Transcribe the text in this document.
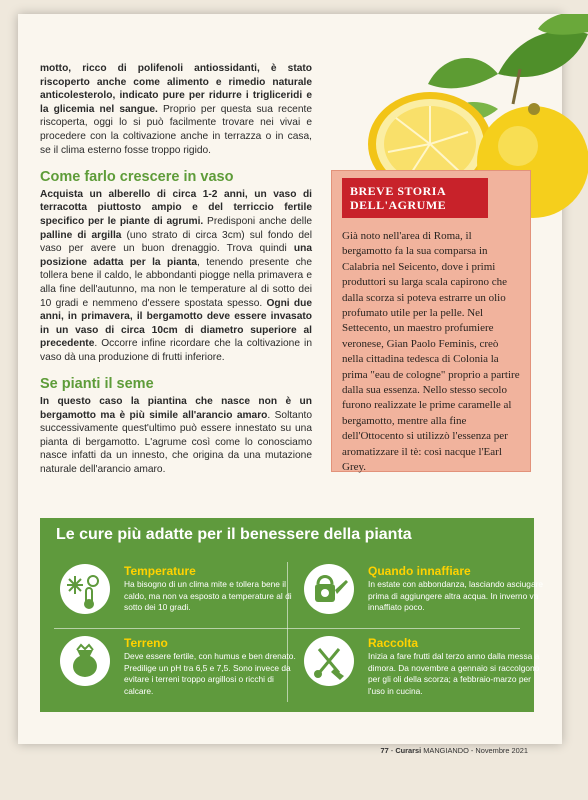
motto, ricco di polifenoli antiossidanti, è stato riscoperto anche come alimento e rimedio naturale anticolesterolo, indicato pure per ridurre i trigliceridi e la glicemia nel sangue. Proprio per questa sua recente riscoperta, oggi lo si può facilmente trovare nei vivai e procedere con la coltivazione anche in terrazza o in casa, se il clima esterno fosse troppo rigido.

Come farlo crescere in vaso

Acquista un alberello di circa 1-2 anni, un vaso di terracotta piuttosto ampio e del terriccio fertile specifico per le piante di agrumi. Predisponi anche delle palline di argilla (uno strato di circa 3cm) sul fondo del vaso per avere un buon drenaggio. Trova quindi una posizione adatta per la pianta, tenendo presente che tollera bene il caldo, le abbondanti piogge nella primavera e alla fine dell'autunno, ma non le temperature al di sotto dei 10 gradi e nemmeno d'essere spostata spesso. Ogni due anni, in primavera, il bergamotto deve essere invasato in un vaso di circa 10cm di diametro superiore al precedente. Occorre infine ricordare che la coltivazione in vaso dà una produzione di frutti inferiore.

Se pianti il seme

In questo caso la piantina che nasce non è un bergamotto ma è più simile all'arancio amaro. Soltanto successivamente quest'ultimo può essere innestato su una pianta di bergamotto. L'agrume così come lo conosciamo nasce infatti da un innesto, che origina da una mutazione naturale dell'arancio amaro.

BREVE STORIA DELL'AGRUME
Già noto nell'area di Roma, il bergamotto fa la sua comparsa in Calabria nel Seicento, dove i primi produttori su larga scala capirono che dalla scorza si poteva estrarre un olio profumato utile per la pelle. Nel Settecento, un maestro profumiere veronese, Gian Paolo Feminis, creò nella cittadina tedesca di Colonia la prima "eau de cologne" proprio a partire dalla sua essenza. Nello stesso secolo furono realizzate le prime caramelle al bergamotto, mentre alla fine dell'Ottocento si utilizzò l'essenza per aromatizzare il tè: così nacque l'Earl Grey.
Le cure più adatte per il benessere della pianta
Temperature
Ha bisogno di un clima mite e tollera bene il caldo, ma non va esposto a temperature al di sotto dei 10 gradi.
Quando innaffiare
In estate con abbondanza, lasciando asciugare prima di aggiungere altra acqua. In inverno va innaffiato poco.
Terreno
Deve essere fertile, con humus e ben drenato. Predilige un pH tra 6,5 e 7,5. Sono invece da evitare i terreni troppo argillosi o ricchi di calcare.
Raccolta
Inizia a fare frutti dal terzo anno dalla messa a dimora. Da novembre a gennaio si raccolgono per gli oli della scorza; a febbraio-marzo per l'uso in cucina.
77 - Curarsi MANGIANDO - Novembre 2021
